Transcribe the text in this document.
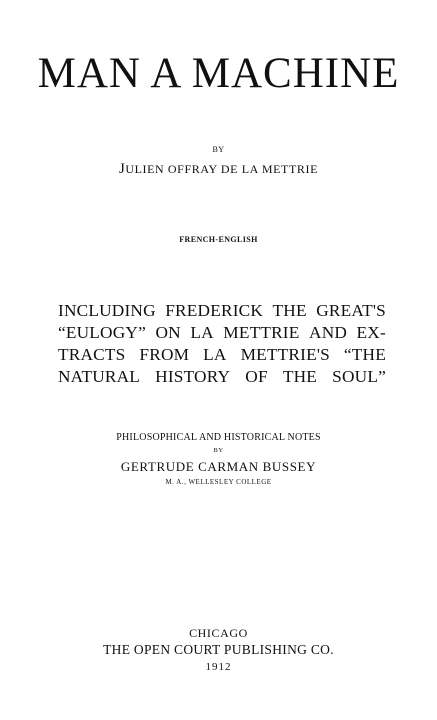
MAN A MACHINE
BY
JULIEN OFFRAY DE LA METTRIE
FRENCH-ENGLISH
INCLUDING FREDERICK THE GREAT'S
“EULOGY” ON LA METTRIE AND EX-
TRACTS FROM LA METTRIE'S “THE
NATURAL HISTORY OF THE SOUL”
PHILOSOPHICAL AND HISTORICAL NOTES
BY
GERTRUDE CARMAN BUSSEY
M. A., WELLESLEY COLLEGE
CHICAGO
THE OPEN COURT PUBLISHING CO.
1912
